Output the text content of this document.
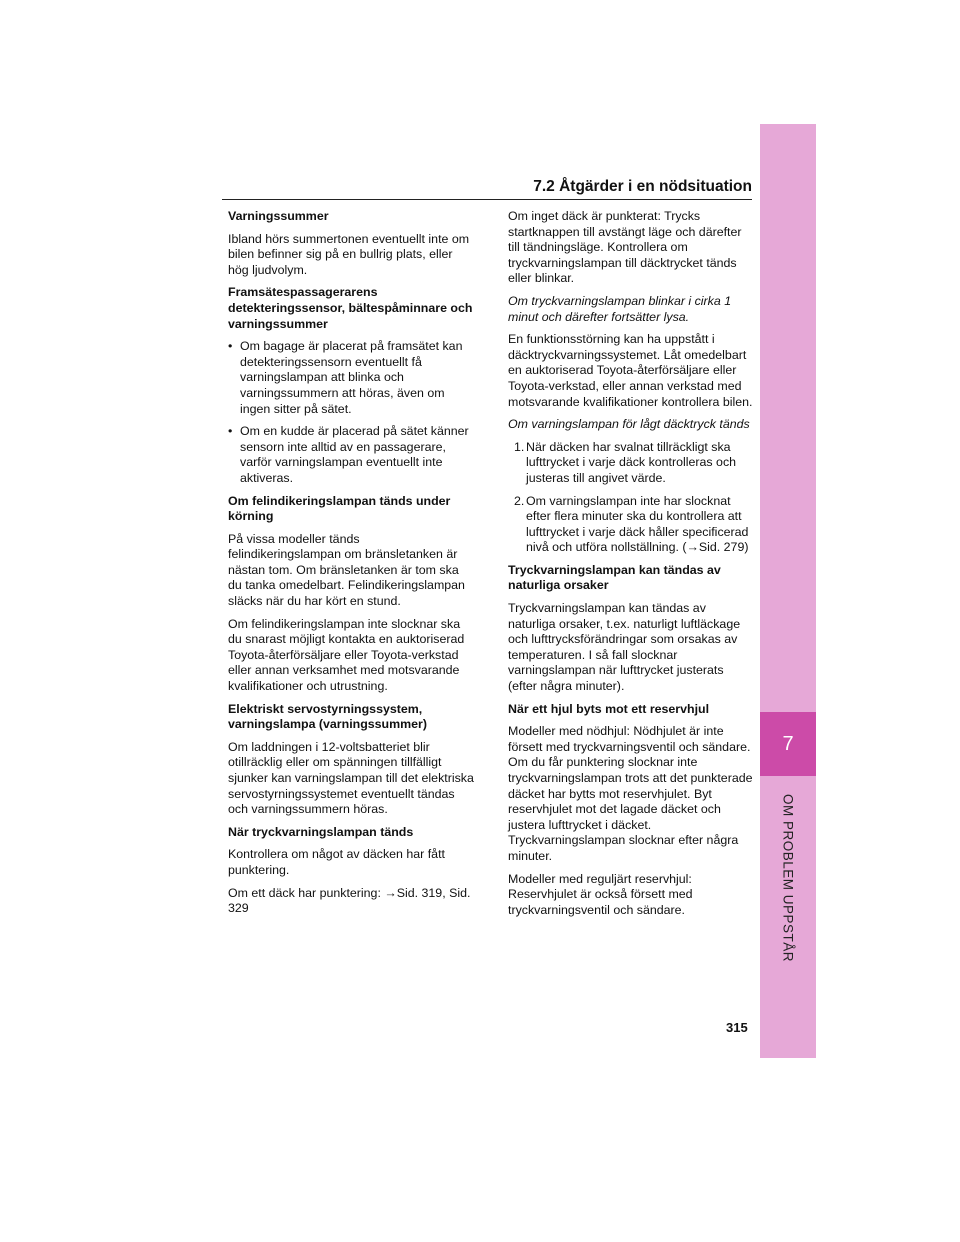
7
OM PROBLEM UPPSTÅR
7.2 Åtgärder i en nödsituation

Varningssummer

Ibland hörs summertonen eventuellt inte om bilen befinner sig på en bullrig plats, eller hög ljudvolym.

Framsätespassagerarens detekteringssensor, bältespåminnare och varningssummer

• Om bagage är placerat på framsätet kan detekteringssensorn eventuellt få varningslampan att blinka och varningssummern att höras, även om ingen sitter på sätet.
• Om en kudde är placerad på sätet känner sensorn inte alltid av en passagerare, varför varningslampan eventuellt inte aktiveras.

Om felindikeringslampan tänds under körning

På vissa modeller tänds felindikeringslampan om bränsletanken är nästan tom. Om bränsletanken är tom ska du tanka omedelbart. Felindikeringslampan släcks när du har kört en stund.

Om felindikeringslampan inte slocknar ska du snarast möjligt kontakta en auktoriserad Toyota-återförsäljare eller Toyota-verkstad eller annan verksamhet med motsvarande kvalifikationer och utrustning.

Elektriskt servostyrningssystem, varningslampa (varningssummer)

Om laddningen i 12-voltsbatteriet blir otillräcklig eller om spänningen tillfälligt sjunker kan varningslampan till det elektriska servostyrningssystemet eventuellt tändas och varningssummern höras.

När tryckvarningslampan tänds

Kontrollera om något av däcken har fått punktering.

Om ett däck har punktering: →Sid. 319, Sid. 329

Om inget däck är punkterat: Trycks startknappen till avstängt läge och därefter till tändningsläge. Kontrollera om tryckvarningslampan till däcktrycket tänds eller blinkar.

Om tryckvarningslampan blinkar i cirka 1 minut och därefter fortsätter lysa.

En funktionsstörning kan ha uppstått i däcktryckvarningssystemet. Låt omedelbart en auktoriserad Toyota-återförsäljare eller Toyota-verkstad, eller annan verkstad med motsvarande kvalifikationer kontrollera bilen.

Om varningslampan för lågt däcktryck tänds

1. När däcken har svalnat tillräckligt ska lufttrycket i varje däck kontrolleras och justeras till angivet värde.
2. Om varningslampan inte har slocknat efter flera minuter ska du kontrollera att lufttrycket i varje däck håller specificerad nivå och utföra nollställning. (→Sid. 279)

Tryckvarningslampan kan tändas av naturliga orsaker

Tryckvarningslampan kan tändas av naturliga orsaker, t.ex. naturligt luftläckage och lufttrycksförändringar som orsakas av temperaturen. I så fall slocknar varningslampan när lufttrycket justerats (efter några minuter).

När ett hjul byts mot ett reservhjul

Modeller med nödhjul: Nödhjulet är inte försett med tryckvarningsventil och sändare. Om du får punktering slocknar inte tryckvarningslampan trots att det punkterade däcket har bytts mot reservhjulet. Byt reservhjulet mot det lagade däcket och justera lufttrycket i däcket. Tryckvarningslampan slocknar efter några minuter.

Modeller med reguljärt reservhjul: Reservhjulet är också försett med tryckvarningsventil och sändare.

315
